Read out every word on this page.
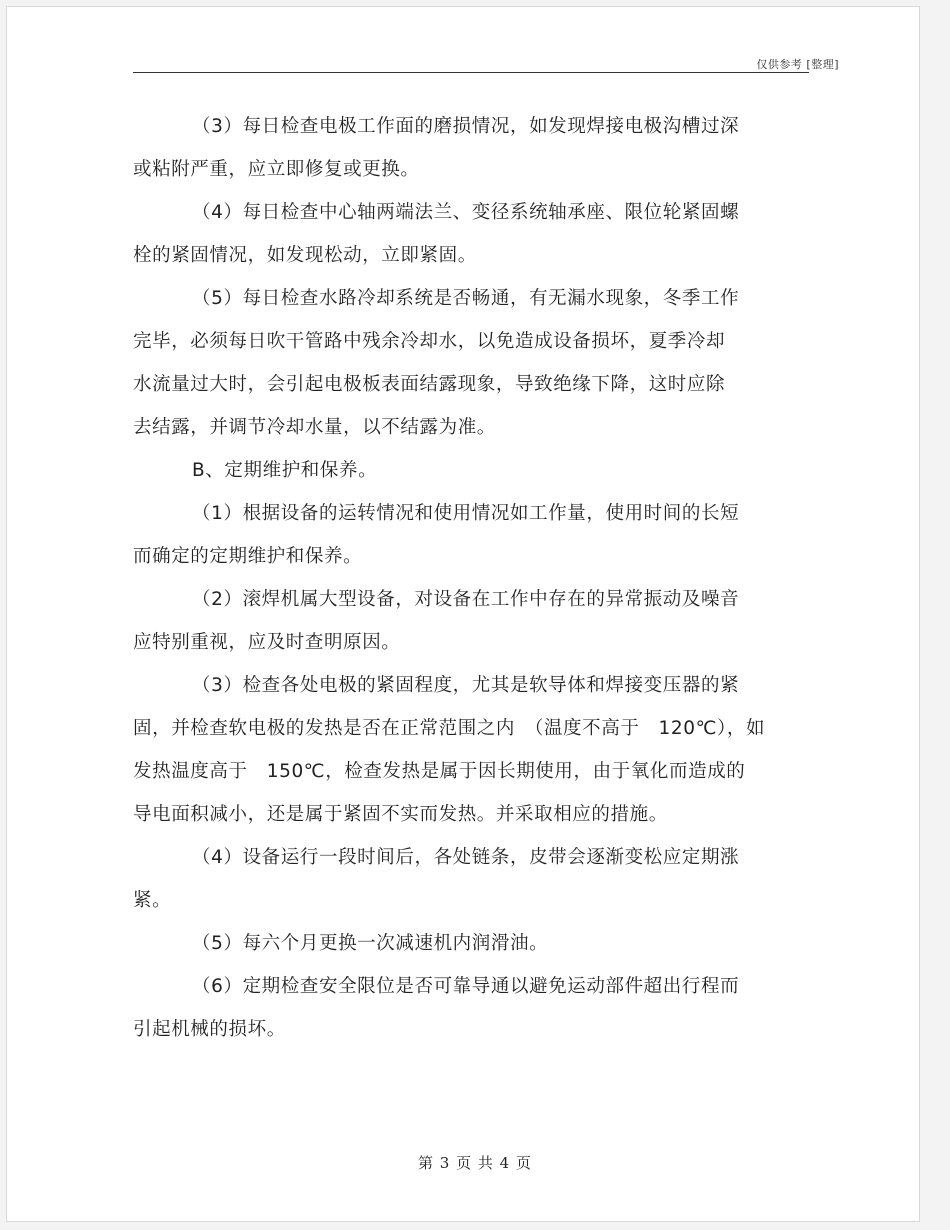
仅供参考 [整理]
（3）每日检查电极工作面的磨损情况，如发现焊接电极沟槽过深
或粘附严重，应立即修复或更换。
（4）每日检查中心轴两端法兰、变径系统轴承座、限位轮紧固螺
栓的紧固情况，如发现松动，立即紧固。
（5）每日检查水路冷却系统是否畅通，有无漏水现象，冬季工作
完毕，必须每日吹干管路中残余冷却水，以免造成设备损坏，夏季冷却
水流量过大时，会引起电极板表面结露现象，导致绝缘下降，这时应除
去结露，并调节冷却水量，以不结露为准。
B、定期维护和保养。
（1）根据设备的运转情况和使用情况如工作量，使用时间的长短
而确定的定期维护和保养。
（2）滚焊机属大型设备，对设备在工作中存在的异常振动及噪音
应特别重视，应及时查明原因。
（3）检查各处电极的紧固程度，尤其是软导体和焊接变压器的紧
固，并检查软电极的发热是否在正常范围之内　（温度不高于　120℃），如
发热温度高于　150℃，检查发热是属于因长期使用，由于氧化而造成的
导电面积减小，还是属于紧固不实而发热。并采取相应的措施。
（4）设备运行一段时间后，各处链条，皮带会逐渐变松应定期涨
紧。
（5）每六个月更换一次减速机内润滑油。
（6）定期检查安全限位是否可靠导通以避免运动部件超出行程而
引起机械的损坏。
第 3 页 共 4 页
